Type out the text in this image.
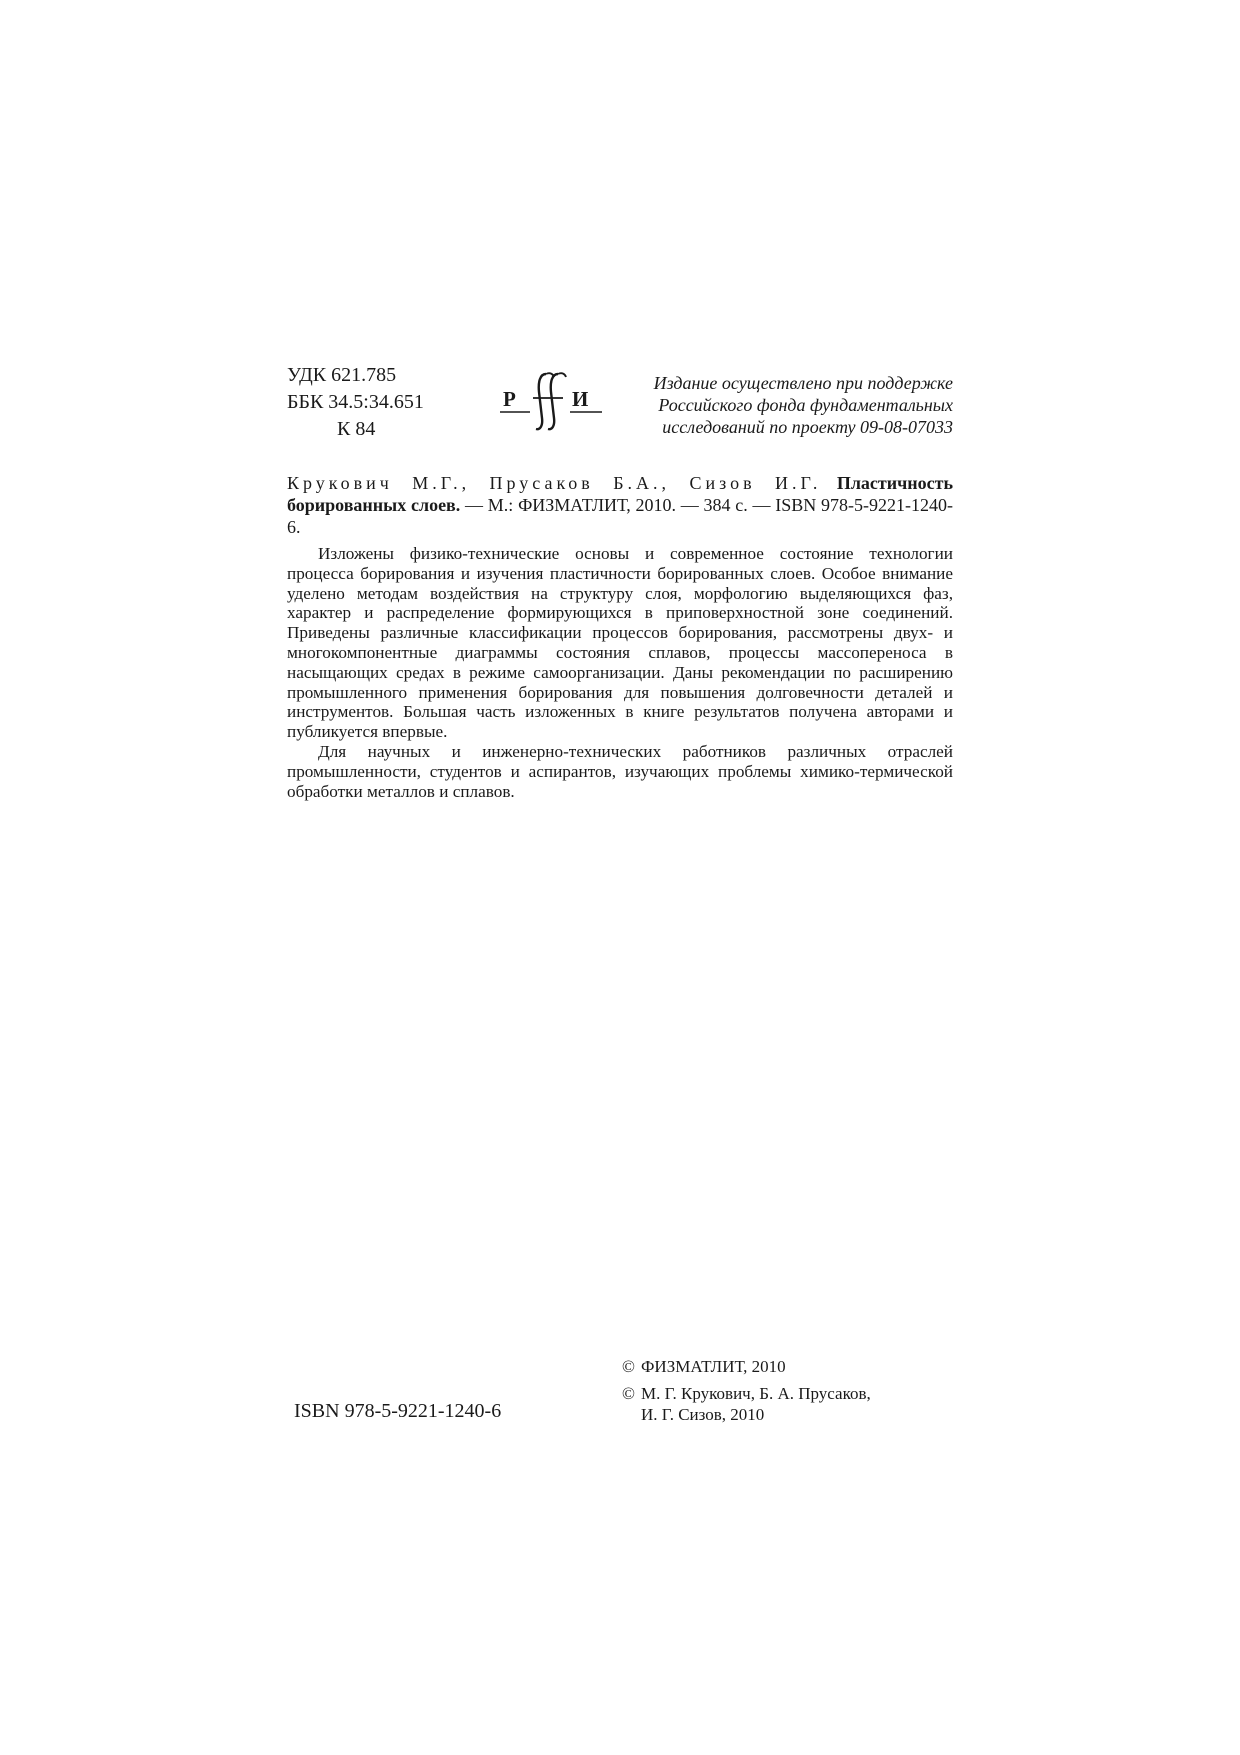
УДК 621.785
ББК 34.5:34.651
К 84
Р	И
Издание осуществлено при поддержке
Российского фонда фундаментальных
исследований по проекту 09-08-07033
Крукович М.Г., Прусаков Б.А., Сизов И.Г. Пластичность борированных слоев. — М.: ФИЗМАТЛИТ, 2010. — 384 с. — ISBN 978-5-9221-1240-6.

Изложены физико-технические основы и современное состояние технологии процесса борирования и изучения пластичности борированных слоев. Особое внимание уделено методам воздействия на структуру слоя, морфологию выделяющихся фаз, характер и распределение формирующихся в приповерхностной зоне соединений. Приведены различные классификации процессов борирования, рассмотрены двух- и многокомпонентные диаграммы состояния сплавов, процессы массопереноса в насыщающих средах в режиме самоорганизации. Даны рекомендации по расширению промышленного применения борирования для повышения долговечности деталей и инструментов. Большая часть изложенных в книге результатов получена авторами и публикуется впервые.

Для научных и инженерно-технических работников различных отраслей промышленности, студентов и аспирантов, изучающих проблемы химико-термической обработки металлов и сплавов.

ISBN 978-5-9221-1240-6
© ФИЗМАТЛИТ, 2010
© М. Г. Крукович, Б. А. Прусаков,
И. Г. Сизов, 2010
